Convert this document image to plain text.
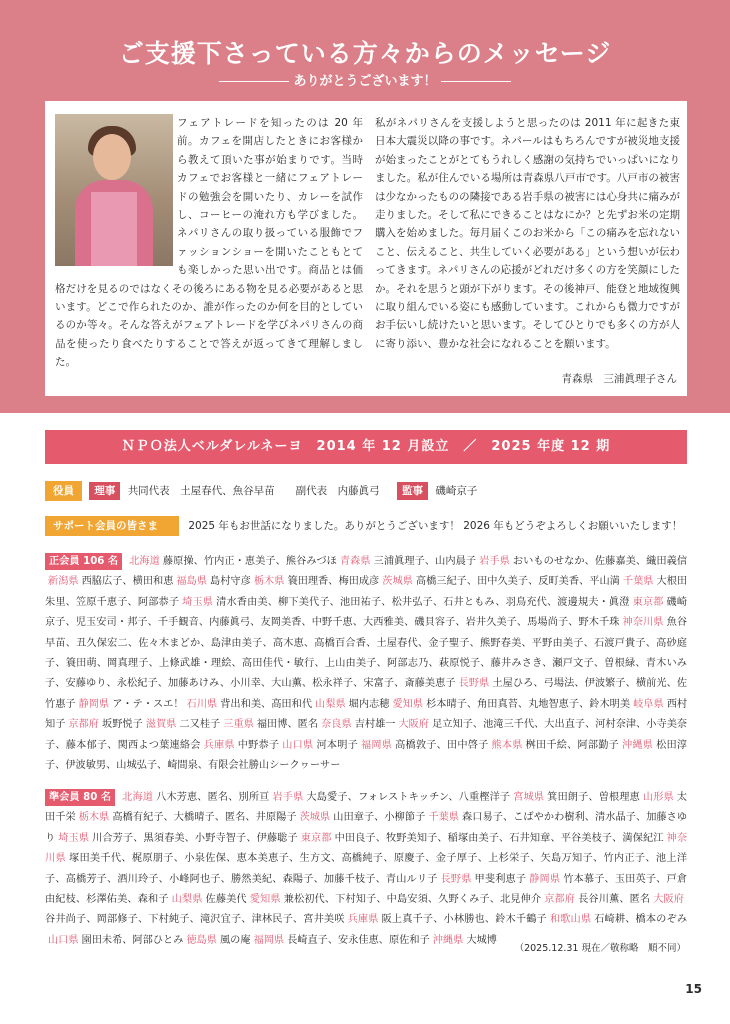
ご支援下さっている方々からのメッセージ
ありがとうございます！
フェアトレードを知ったのは 20 年前。カフェを開店したときにお客様から教えて頂いた事が始まりです。当時カフェでお客様と一緒にフェアトレードの勉強会を開いたり、カレーを試作し、コーヒーの淹れ方も学びました。ネパリさんの取り扱っている服飾でファッションショーを開いたこともとても楽しかった思い出です。商品とは価格だけを見るのではなくその後ろにある物を見る必要があると思います。どこで作られたのか、誰が作ったのか何を目的としているのか等々。そんな答えがフェアトレードを学びネパリさんの商品を使ったり食べたりすることで答えが返ってきて理解しました。
私がネパリさんを支援しようと思ったのは 2011 年に起きた東日本大震災以降の事です。ネパールはもちろんですが被災地支援が始まったことがとてもうれしく感謝の気持ちでいっぱいになりました。私が住んでいる場所は青森県八戸市です。八戸市の被害は少なかったものの隣接である岩手県の被害には心身共に痛みが走りました。そして私にできることはなにか？と先ずお米の定期購入を始めました。毎月届くこのお米から「この痛みを忘れないこと、伝えること、共生していく必要がある」という想いが伝わってきます。ネパリさんの応援がどれだけ多くの方を笑顔にしたか。それを思うと頭が下がります。その後神戸、能登と地域復興に取り組んでいる姿にも感動しています。これからも微力ですがお手伝いし続けたいと思います。そしてひとりでも多くの方が人に寄り添い、豊かな社会になれることを願います。
青森県　三浦眞理子さん
ＮＰＯ法人ベルダレルネーヨ　2014 年 12 月設立　／　2025 年度 12 期
役員 理事 共同代表　土屋春代、魚谷早苗　　副代表　内藤眞弓 監事 磯崎京子
サポート会員の皆さま	2025 年もお世話になりました。ありがとうございます！ 2026 年もどうぞよろしくお願いいたします！
正会員 106 名 北海道 藤原操、竹内正・恵美子、熊谷みづほ 青森県 三浦眞理子、山内晨子 岩手県 おいものせなか、佐藤嘉美、織田義信新潟県 西脇広子、横田和恵 福島県 島村守彦 栃木県 簑田理香、梅田成彦 茨城県 高橋三紀子、田中久美子、反町美香、平山満 千葉県 大根田朱里、笠原千恵子、阿部恭子 埼玉県 清水香由美、柳下美代子、池田祐子、松井弘子、石井ともみ、羽鳥充代、渡邊規夫・眞澄 東京都 磯崎京子、児玉安司・邦子、千手観音、内藤眞弓、友岡美香、中野千恵、大西雅美、磯貝容子、岩井久美子、馬場尚子、野木千珠 神奈川県 魚谷早苗、丑久保宏二、佐々木まどか、島津由美子、高木恵、高橋百合香、土屋春代、金子聖子、熊野春美、平野由美子、石渡戸貴子、高砂庭子、簑田萌、岡真理子、上條武雄・理絵、高田佳代・敏行、上山由美子、阿部志乃、萩原悦子、藤井みさき、瀬戸文子、曽根緑、青木いみ子、安藤ゆり、永松紀子、加藤あけみ、小川幸、大山薫、松永祥子、宋富子、斎藤美恵子 長野県 土屋ひろ、弓場法、伊波繁子、横前光、佐竹惠子 静岡県 ア・テ・スエ！ 石川県 背出和美、高田和代 山梨県 堀内志穂 愛知県 杉本晴子、角田真苔、丸地智恵子、鈴木明美 岐阜県 西村知子 京都府 坂野悦子 滋賀県 二又桂子 三重県 福田博、匿名 奈良県 吉村雄一 大阪府 足立知子、池滝三千代、大出直子、河村奈津、小寺美奈子、藤本郁子、関西よつ葉連絡会 兵庫県 中野恭子 山口県 河本明子 福岡県 高橋敦子、田中啓子 熊本県 桝田千絵、阿部勤子 沖縄県 松田淳子、伊波敏男、山城弘子、崎間泉、有限会社勝山シークヮーサー
準会員 80 名 北海道 八木芳恵、匿名、別所亘 岩手県 大島愛子、フォレストキッチン、八重樫洋子 宮城県 箕田朗子、曽根理恵 山形県 太田千栄 栃木県 高橋有紀子、大橋晴子、匿名、井原陽子 茨城県 山田章子、小柳節子 千葉県 森口易子、こばやかわ樹利、清水晶子、加藤さゆり 埼玉県 川合芳子、黒須春美、小野寺智子、伊藤聡子 東京都 中田良子、牧野美知子、稲塚由美子、石井知章、平谷美枝子、満保紀江 神奈川県 塚田美千代、梶原朋子、小泉佐保、恵本美恵子、生方文、高橋純子、原慶子、金子厚子、上杉栄子、矢島万知子、竹内正子、池上洋子、高橋芳子、酒川玲子、小峰阿也子、勝然美紀、森陽子、加藤千枝子、青山ルリ子 長野県 甲斐利恵子 静岡県 竹本慕子、玉田英子、戸倉由紀枝、杉澤佑美、森和子 山梨県 佐藤美代 愛知県 兼松初代、下村知子、中島安須、久野くみ子、北見伸介 京都府 長谷川薫、匿名 大阪府谷井尚子、岡部修子、下村純子、滝沢宜子、津林民子、宮井美咲 兵庫県 阪上真千子、小林勝也、鈴木千鶴子 和歌山県 石崎耕、橋本のぞみ山口県 園田未希、阿部ひとみ 徳島県 風の庵 福岡県 長崎直子、安永佳恵、原佐和子 沖縄県 大城博
（2025.12.31 現在／敬称略　順不同）
15
